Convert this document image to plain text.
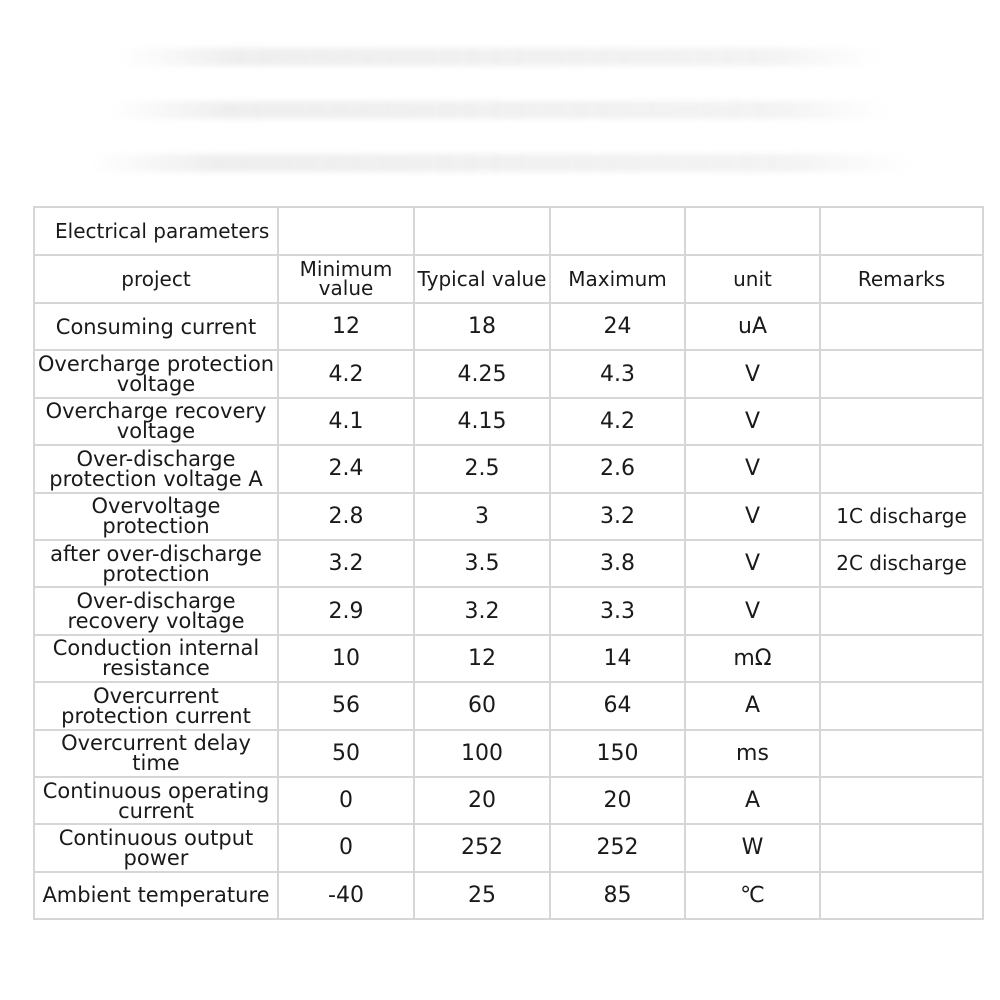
Electrical parameters					
project	Minimum value	Typical value	Maximum	unit	Remarks
Consuming current	12	18	24	uA	
Overcharge protection voltage	4.2	4.25	4.3	V	
Overcharge recovery voltage	4.1	4.15	4.2	V	
Over-discharge protection voltage A	2.4	2.5	2.6	V	
Overvoltage protection	2.8	3	3.2	V	1C discharge
after over-discharge protection	3.2	3.5	3.8	V	2C discharge
Over-discharge recovery voltage	2.9	3.2	3.3	V	
Conduction internal resistance	10	12	14	mΩ	
Overcurrent protection current	56	60	64	A	
Overcurrent delay time	50	100	150	ms	
Continuous operating current	0	20	20	A	
Continuous output power	0	252	252	W	
Ambient temperature	-40	25	85	℃	
